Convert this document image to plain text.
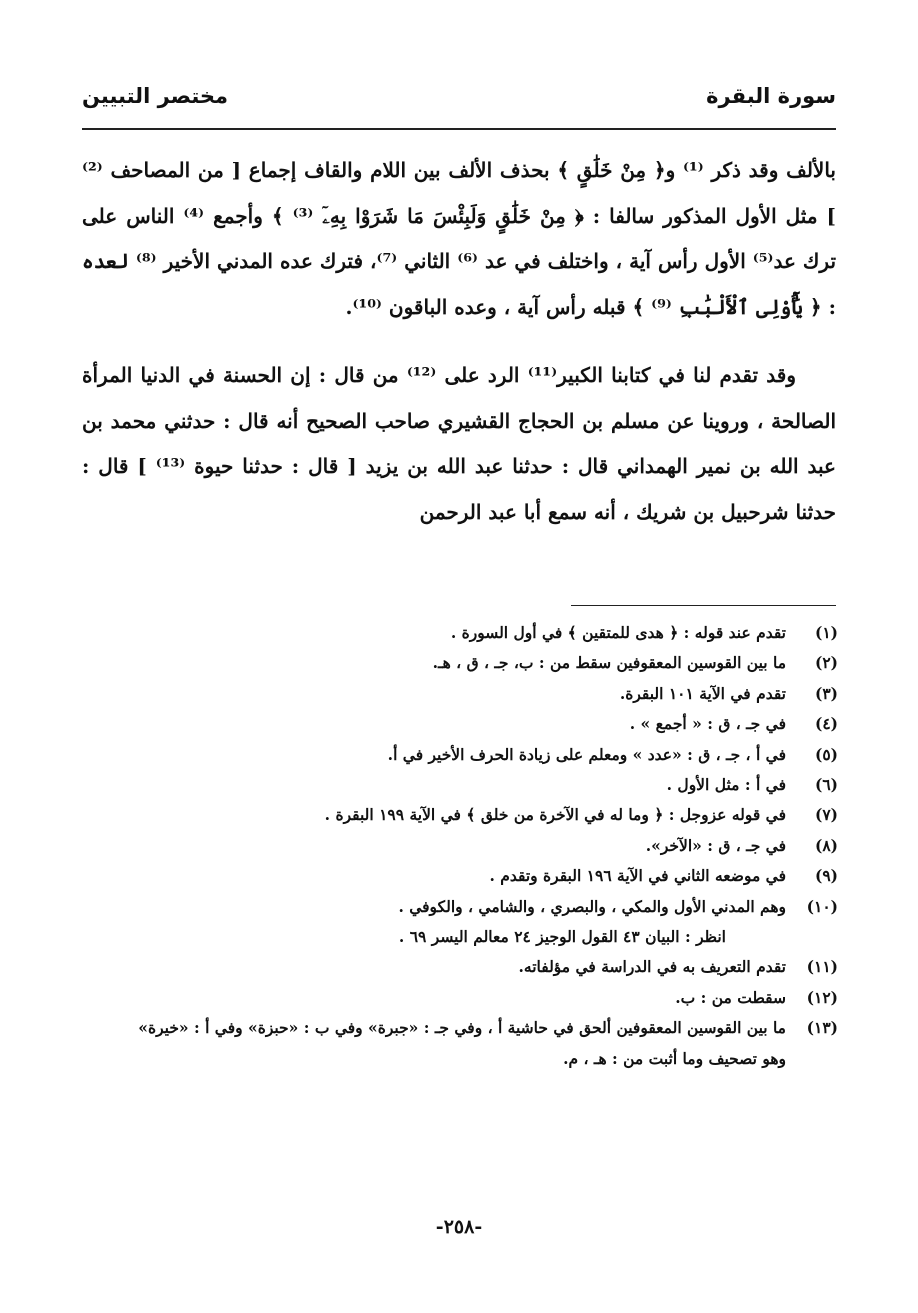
سورة البقرة
مختصر التبيين

بالألف وقد ذكر ⁽¹⁾ و﴿ مِنْ خَلَٰقٍ ﴾ بحذف الألف بين اللام والقاف إجماع [ من المصاحف ⁽²⁾ ] مثل الأول المذكور سالفا : ﴿ مِنْ خَلَٰقٍ وَلَبِئْسَ مَا شَرَوْا بِهِۦٓ ⁽³⁾ ﴾ وأجمع ⁽⁴⁾ الناس على ترك عد⁽⁵⁾ الأول رأس آية ، واختلف في عد ⁽⁶⁾ الثاني ⁽⁷⁾، فترك عده المدني الأخير ⁽⁸⁾ لعده : ﴿ يَٰٓأُوْلِى ٱلْأَلْبَٰبِ ⁽⁹⁾ ﴾ قبله رأس آية ، وعده الباقون ⁽¹⁰⁾.

وقد تقدم لنا في كتابنا الكبير⁽¹¹⁾ الرد على ⁽¹²⁾ من قال : إن الحسنة في الدنيا المرأة الصالحة ، وروينا عن مسلم بن الحجاج القشيري صاحب الصحيح أنه قال : حدثني محمد بن عبد الله بن نمير الهمداني قال : حدثنا عبد الله بن يزيد [ قال : حدثنا حيوة ⁽¹³⁾ ] قال : حدثنا شرحبيل بن شريك ، أنه سمع أبا عبد الرحمن

(١)
تقدم عند قوله : ﴿ هدى للمتقين ﴾ في أول السورة .
(٢)
ما بين القوسين المعقوفين سقط من : ب، جـ ، ق ، هـ.
(٣)
تقدم في الآية ١٠١ البقرة.
(٤)
في جـ ، ق : « أجمع » .
(٥)
في أ ، جـ ، ق : «عدد » ومعلم على زيادة الحرف الأخير في أ.
(٦)
في أ : مثل الأول .
(٧)
في قوله عزوجل : ﴿ وما له في الآخرة من خلق ﴾ في الآية ١٩٩ البقرة .
(٨)
في جـ ، ق : «الآخر».
(٩)
في موضعه الثاني في الآية ١٩٦ البقرة وتقدم .
(١٠)
وهم المدني الأول والمكي ، والبصري ، والشامي ، والكوفي .
انظر : البيان ٤٣ القول الوجيز ٢٤ معالم اليسر ٦٩ .
(١١)
تقدم التعريف به في الدراسة في مؤلفاته.
(١٢)
سقطت من : ب.
(١٣)
ما بين القوسين المعقوفين ألحق في حاشية أ ، وفي جـ : «جبرة» وفي ب : «حبزة» وفي أ : «خيرة»
وهو تصحيف وما أثبت من : هـ ، م.
-٢٥٨-
